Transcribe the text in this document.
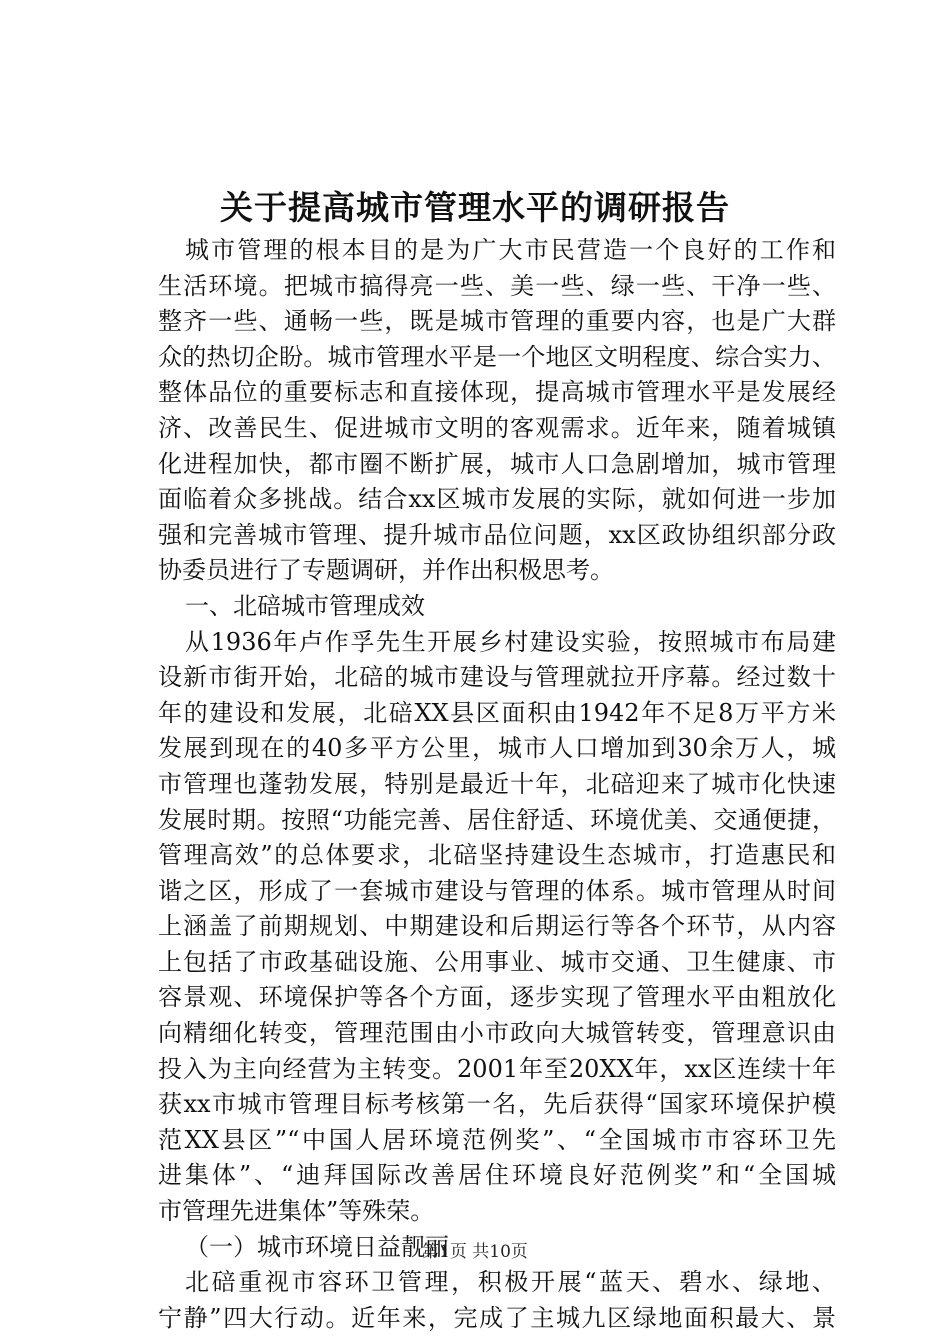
关于提高城市管理水平的调研报告
城市管理的根本目的是为广大市民营造一个良好的工作和
生活环境。把城市搞得亮一些、美一些、绿一些、干净一些、
整齐一些、通畅一些，既是城市管理的重要内容，也是广大群
众的热切企盼。城市管理水平是一个地区文明程度、综合实力、
整体品位的重要标志和直接体现，提高城市管理水平是发展经
济、改善民生、促进城市文明的客观需求。近年来，随着城镇
化进程加快，都市圈不断扩展，城市人口急剧增加，城市管理
面临着众多挑战。结合xx区城市发展的实际，就如何进一步加
强和完善城市管理、提升城市品位问题，xx区政协组织部分政
协委员进行了专题调研，并作出积极思考。
一、北碚城市管理成效
从1936年卢作孚先生开展乡村建设实验，按照城市布局建
设新市街开始，北碚的城市建设与管理就拉开序幕。经过数十
年的建设和发展，北碚XX县区面积由1942年不足8万平方米
发展到现在的40多平方公里，城市人口增加到30余万人，城
市管理也蓬勃发展，特别是最近十年，北碚迎来了城市化快速
发展时期。按照“功能完善、居住舒适、环境优美、交通便捷，
管理高效”的总体要求，北碚坚持建设生态城市，打造惠民和
谐之区，形成了一套城市建设与管理的体系。城市管理从时间
上涵盖了前期规划、中期建设和后期运行等各个环节，从内容
上包括了市政基础设施、公用事业、城市交通、卫生健康、市
容景观、环境保护等各个方面，逐步实现了管理水平由粗放化
向精细化转变，管理范围由小市政向大城管转变，管理意识由
投入为主向经营为主转变。2001年至20XX年，xx区连续十年
获xx市城市管理目标考核第一名，先后获得“国家环境保护模
范XX县区”“中国人居环境范例奖”、“全国城市市容环卫先
进集体”、“迪拜国际改善居住环境良好范例奖”和“全国城
市管理先进集体”等殊荣。
（一）城市环境日益靓丽
北碚重视市容环卫管理，积极开展“蓝天、碧水、绿地、
宁静”四大行动。近年来，完成了主城九区绿地面积最大、景
第1页 共10页
